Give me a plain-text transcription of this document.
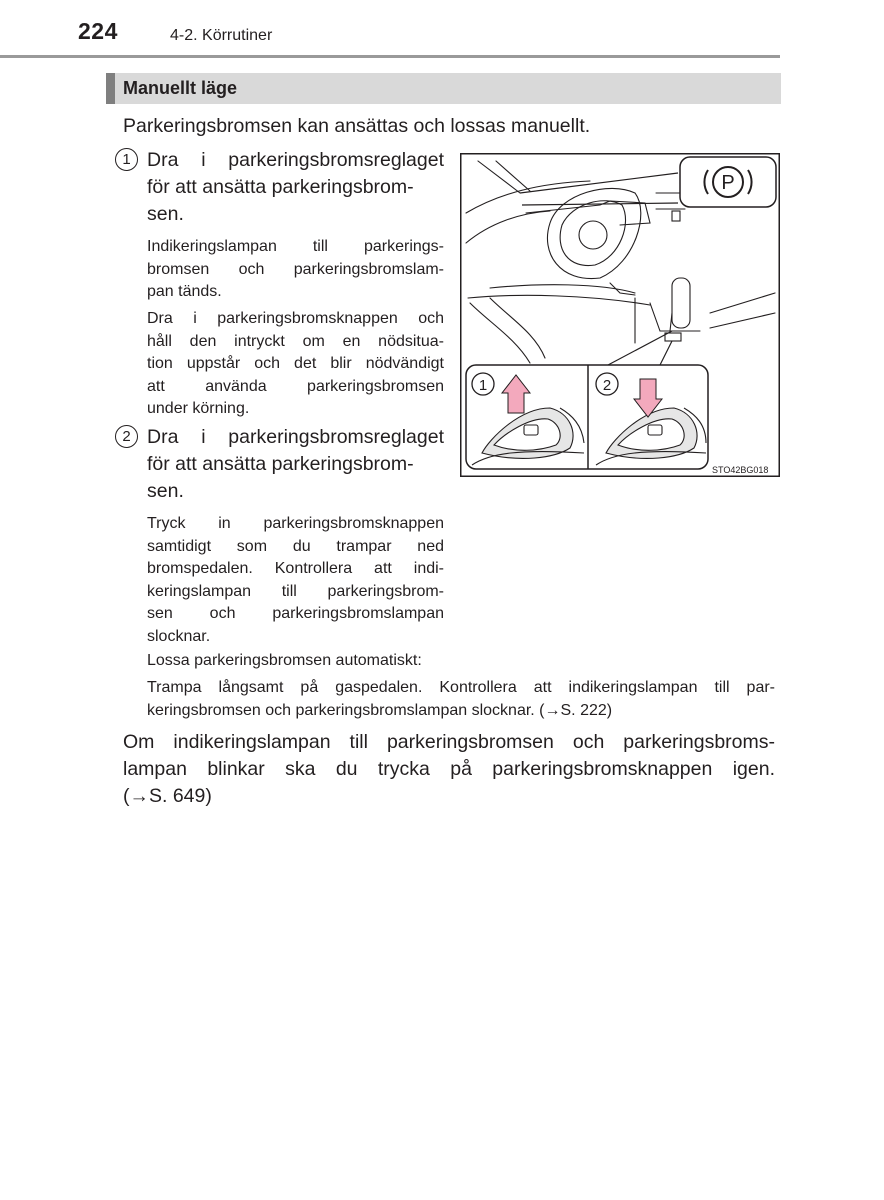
224	4-2. Körrutiner
Manuellt läge
Parkeringsbromsen kan ansättas och lossas manuellt.
1 Dra i parkeringsbromsreglaget
för att ansätta parkeringsbrom-
sen.
Indikeringslampan till parkerings-
bromsen och parkeringsbromslam-
pan tänds.
Dra i parkeringsbromsknappen och
håll den intryckt om en nödsitua-
tion uppstår och det blir nödvändigt
att använda parkeringsbromsen
under körning.
2 Dra i parkeringsbromsreglaget
för att ansätta parkeringsbrom-
sen.
Tryck in parkeringsbromsknappen
samtidigt som du trampar ned
bromspedalen. Kontrollera att indi-
keringslampan till parkeringsbrom-
sen och parkeringsbromslampan
slocknar.
Lossa parkeringsbromsen automatiskt:
Trampa långsamt på gaspedalen. Kontrollera att indikeringslampan till par-
keringsbromsen och parkeringsbromslampan slocknar. (→S. 222)
Om indikeringslampan till parkeringsbromsen och parkeringsbroms-
lampan blinkar ska du trycka på parkeringsbromsknappen igen.
(→S. 649)
P
1	2
STO42BG018
